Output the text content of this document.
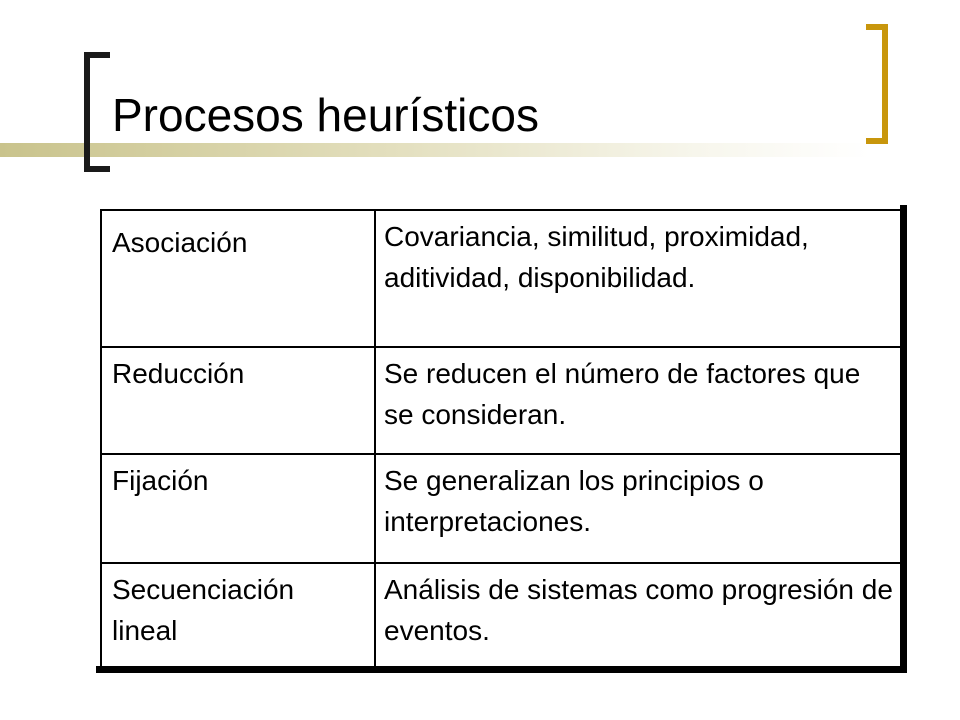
Procesos heurísticos
Asociación	Covariancia, similitud, proximidad, aditividad, disponibilidad.
Reducción	Se reducen el número de factores que se consideran.
Fijación	Se generalizan los principios o interpretaciones.
Secuenciación lineal	Análisis de sistemas como progresión de eventos.
